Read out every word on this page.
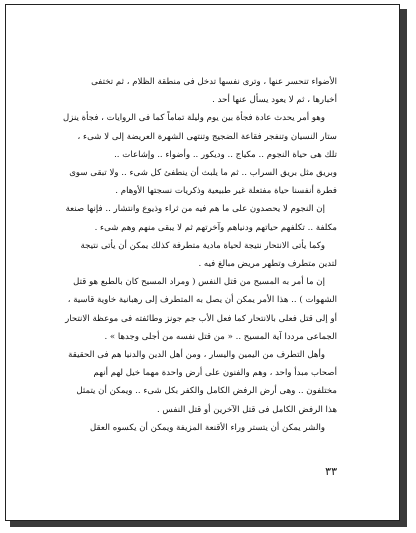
الأضواء تنحسر عنها ، وترى نفسها تدخل فى منطقة الظلام ، ثم تختفى

أخبارها ، ثم لا يعود يسأل عنها أحد .

وهو أمر يحدث عادة فجأة بين يوم وليلة تماماً كما فى الروايات ، فجأة ينزل

ستار النسيان وتنفجر فقاعة الضجيج وتنتهى الشهرة العريضة إلى لا شىء ،

تلك هى حياة النجوم .. مكياج .. وديكور .. وأضواء .. وإشاعات ..

وبريق مثل بريق السراب .. ثم ما يلبث أن ينطفئ كل شىء .. ولا تبقى سوى

فطرة أنفسنا حياة مفتعلة غير طبيعية وذكريات نسجتها الأوهام .

إن النجوم لا يحصدون على ما هم فيه من ثراء وذيوع وانتشار .. فإنها صنعة

مكلفة .. تكلفهم حياتهم ودنياهم وآخرتهم ثم لا يبقى منهم وهم شىء .

وكما يأتى الانتحار نتيجة لحياة مادية متطرفة كذلك يمكن أن يأتى نتيجة

لتدين متطرف وتطهر مريض مبالغ فيه .

إن ما أمر به المسيح من قتل النفس ( ومراد المسيح كان بالطبع هو قتل

الشهوات ) .. هذا الأمر يمكن أن يصل به المتطرف إلى رهبانية خاوية قاسية ،

أو إلى قتل فعلى بالانتحار كما فعل الأب جم جونز وطائفته فى موعظة الانتحار

الجماعى مرددا آية المسيح .. « من قتل نفسه من أجلى وجدها » .

وأهل التطرف من اليمين واليسار ، ومن أهل الدين والدنيا هم فى الحقيقة

أصحاب مبدأ واحد ، وهم والفنون على أرض واحدة مهما خيل لهم أنهم

مختلفون .. وهى أرض الرفض الكامل والكفر بكل شىء .. ويمكن أن يتمثل

هذا الرفض الكامل فى قتل الآخرين أو قتل النفس .

والشر يمكن أن يتستر وراء الأقنعة المزيفة ويمكن أن يكسوه العقل

٣٣
